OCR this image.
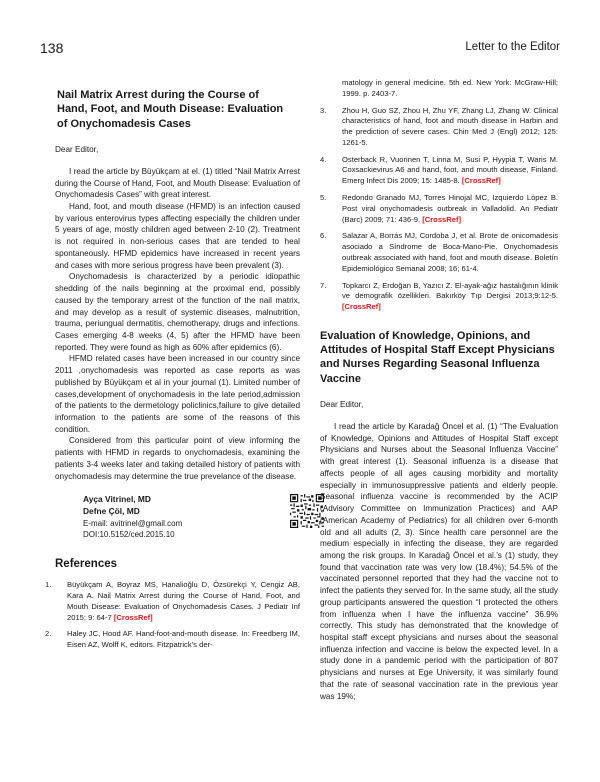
138	Letter to the Editor
Nail Matrix Arrest during the Course of Hand, Foot, and Mouth Disease: Evaluation of Onychomadesis Cases
Dear Editor,

I read the article by Büyükçam at el. (1) titled “Nail Matrix Arrest during the Course of Hand, Foot, and Mouth Disease: Evaluation of Onychomadesis Cases” with great interest.

Hand, foot, and mouth disease (HFMD) is an infection caused by various enterovirus types affecting especially the children under 5 years of age, mostly children aged between 2-10 (2). Treatment is not required in non-serious cases that are tended to heal spontaneously. HFMD epidemics have increased in recent years and cases with more serious progress have been prevalent (3).

Onychomadesis is characterized by a periodic idiopathic shedding of the nails beginning at the proximal end, possibly caused by the temporary arrest of the function of the nail matrix, and may develop as a result of systemic diseases, malnutrition, trauma, periungual dermatitis, chemotherapy, drugs and infections. Cases emerging 4-8 weeks (4, 5) after the HFMD have been reported. They were found as high as 60% after epidemics (6).

HFMD related cases have been increased in our country since 2011 ,onychomadesis was reported as case reports as was published by Büyükçam et al in your journal (1). Limited number of cases,development of onychomadesis in the late period,admission of the patients to the dermetology policlinics,failure to give detailed information to the patients are some of the reasons of this condition.

Considered from this particular point of view informing the patients with HFMD in regards to onychomadesis, examining the patients 3-4 weeks later and taking detailed history of patients with onychomadesis may determine the true prevelance of the disease.

Ayça Vitrinel, MD
Defne Çöl, MD
E-mail: avitrinel@gmail.com
DOI:10.5152/ced.2015.10
References
1. Büyükçam A, Boyraz MS, Hanalioğlu D, Özsürekçi Y, Cengiz AB, Kara A. Nail Matrix Arrest during the Course of Hand, Foot, and Mouth Disease: Evaluation of Onychomadesis Cases. J Pediatr Inf 2015; 9: 64-7 [CrossRef]
2. Haley JC, Hood AF. Hand-foot-and-mouth disease. In: Freedberg IM, Eisen AZ, Wolff K, editors. Fitzpatrick’s der-
matology in general medicine. 5th ed. New York: McGraw-Hill; 1999. p. 2403-7.
3. Zhou H, Guo SZ, Zhou H, Zhu YF, Zhang LJ, Zhang W. Clinical characteristics of hand, foot and mouth disease in Harbin and the prediction of severe cases. Chin Med J (Engl) 2012; 125: 1261-5.
4. Osterback R, Vuorinen T, Linna M, Susi P, Hyypiä T, Waris M. Coxsackievirus A6 and hand, foot, and mouth disease, Finland. Emerg Infect Dis 2009; 15: 1485-8. [CrossRef]
5. Redondo Granado MJ, Torres Hinojal MC, Izquierdo López B. Post viral onychomadesis outbreak in Valladolid. An Pediatr (Barc) 2009; 71: 436-9. [CrossRef]
6. Salazar A, Borrás MJ, Cordoba J, et al. Brote de onicomadesis asociado a Síndrome de Boca-Mano-Pie. Onychomadesis outbreak associated with hand, foot and mouth disease. Boletín Epidemiológico Semanal 2008; 16; 61-4.
7. Topkarcı Z, Erdoğan B, Yazıcı Z. El-ayak-ağız hastalığının klinik ve demografik özellikleri. Bakırköy Tıp Dergisi 2013;9:12-5. [CrossRef]
Evaluation of Knowledge, Opinions, and Attitudes of Hospital Staff Except Physicians and Nurses Regarding Seasonal Influenza Vaccine
Dear Editor,

I read the article by Karadağ Öncel et al. (1) “The Evaluation of Knowledge, Opinions and Attitudes of Hospital Staff except Physicians and Nurses about the Seasonal Influenza Vaccine” with great interest (1). Seasonal influenza is a disease that affects people of all ages causing morbidity and mortality especially in immunosuppressive patients and elderly people. Seasonal influenza vaccine is recommended by the ACIP (Advisory Committee on Immunization Practices) and AAP (American Academy of Pediatrics) for all children over 6-month old and all adults (2, 3). Since health care personnel are the medium especially in infecting the disease, they are regarded among the risk groups. In Karadağ Öncel et al.’s (1) study, they found that vaccination rate was very low (18.4%); 54.5% of the vaccinated personnel reported that they had the vaccine not to infect the patients they served for. In the same study, all the study group participants answered the question “I protected the others from influenza when I have the influenza vaccine” 36.9% correctly. This study has demonstrated that the knowledge of hospital staff except physicians and nurses about the seasonal influenza infection and vaccine is below the expected level. In a study done in a pandemic period with the participation of 807 physicians and nurses at Ege University, it was similarly found that the rate of seasonal vaccination rate in the previous year was 19%;
